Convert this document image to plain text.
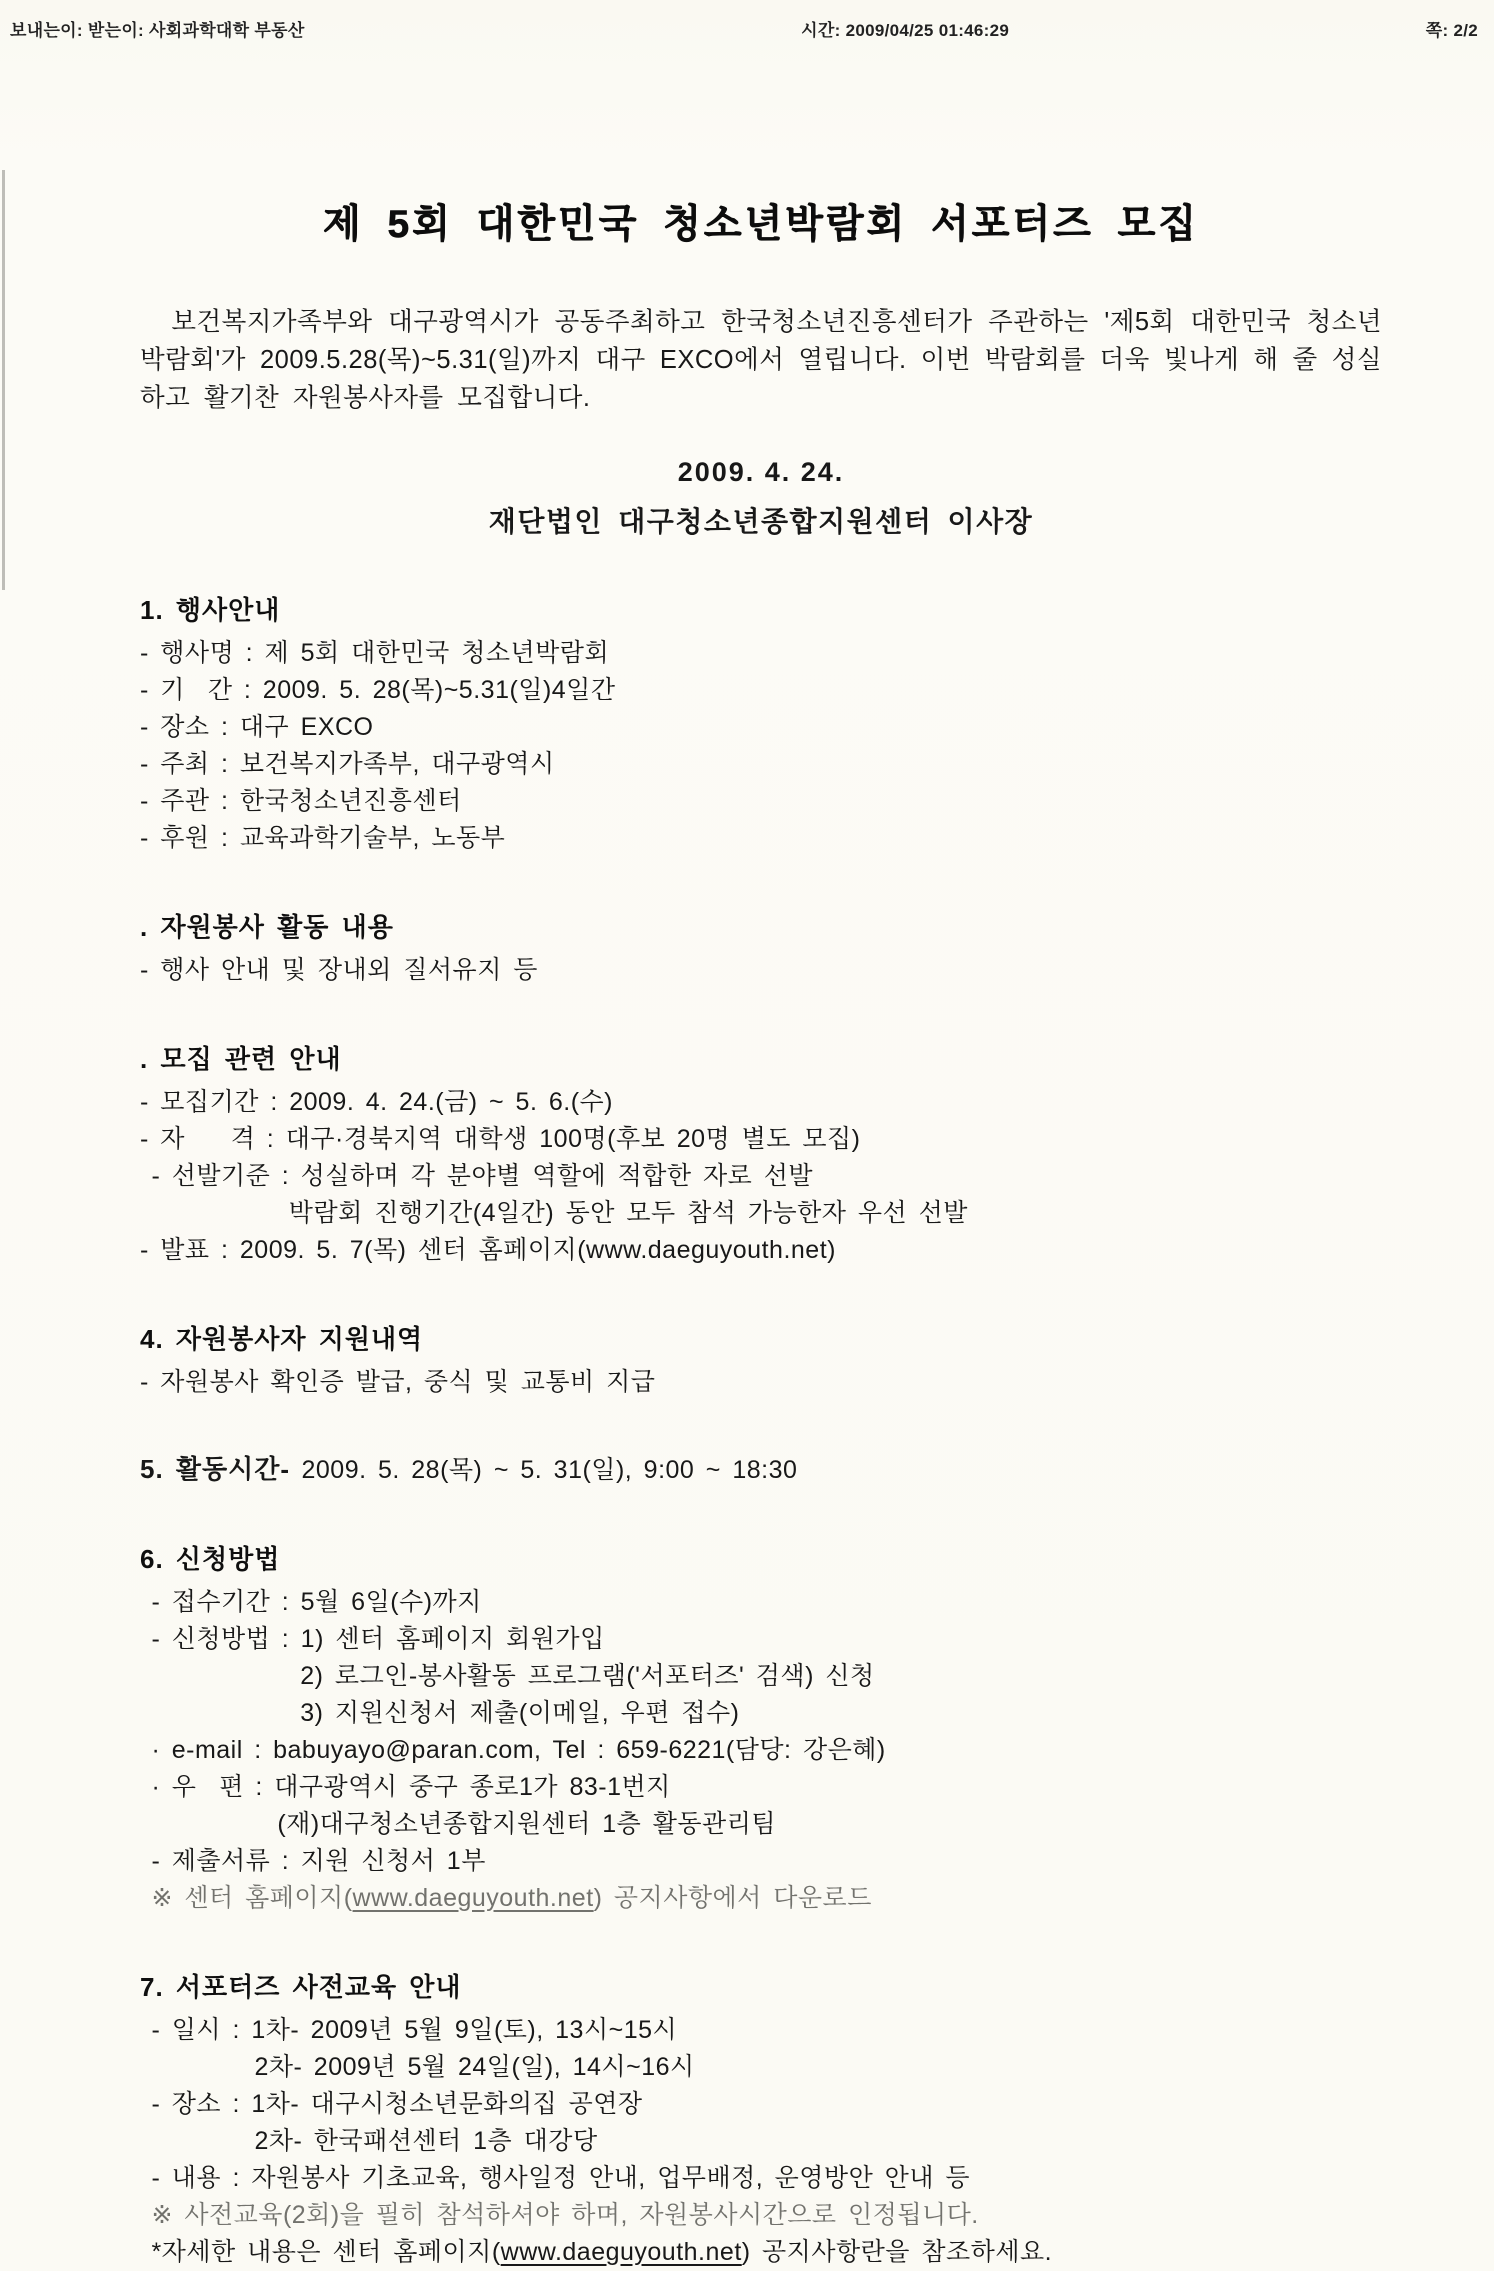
보내는이: 받는이: 사회과학대학 부동산	시간: 2009/04/25 01:46:29	쪽: 2/2
제 5회 대한민국 청소년박람회 서포터즈 모집

보건복지가족부와 대구광역시가 공동주최하고 한국청소년진흥센터가 주관하는 '제5회 대한민국 청소년박람회'가 2009.5.28(목)~5.31(일)까지 대구 EXCO에서 열립니다. 이번 박람회를 더욱 빛나게 해 줄 성실하고 활기찬 자원봉사자를 모집합니다.

2009. 4. 24.
재단법인 대구청소년종합지원센터 이사장
1. 행사안내
- 행사명 : 제 5회 대한민국 청소년박람회
- 기  간 : 2009. 5. 28(목)~5.31(일)4일간
- 장소 : 대구 EXCO
- 주최 : 보건복지가족부, 대구광역시
- 주관 : 한국청소년진흥센터
- 후원 : 교육과학기술부, 노동부
. 자원봉사 활동 내용
- 행사 안내 및 장내외 질서유지 등
. 모집 관련 안내
- 모집기간 : 2009. 4. 24.(금) ~ 5. 6.(수)
- 자    격 : 대구·경북지역 대학생 100명(후보 20명 별도 모집)
- 선발기준 : 성실하며 각 분야별 역할에 적합한 자로 선발
박람회 진행기간(4일간) 동안 모두 참석 가능한자 우선 선발
- 발표 : 2009. 5. 7(목) 센터 홈페이지(www.daeguyouth.net)
4. 자원봉사자 지원내역
- 자원봉사 확인증 발급, 중식 및 교통비 지급
5. 활동시간- 2009. 5. 28(목) ~ 5. 31(일), 9:00 ~ 18:30
6. 신청방법
- 접수기간 : 5월 6일(수)까지
- 신청방법 : 1) 센터 홈페이지 회원가입
2) 로그인-봉사활동 프로그램('서포터즈' 검색) 신청
3) 지원신청서 제출(이메일, 우편 접수)
· e-mail : babuyayo@paran.com, Tel : 659-6221(담당: 강은혜)
· 우  편 : 대구광역시 중구 종로1가 83-1번지
(재)대구청소년종합지원센터 1층 활동관리팀
- 제출서류 : 지원 신청서 1부
※ 센터 홈페이지(www.daeguyouth.net) 공지사항에서 다운로드
7. 서포터즈 사전교육 안내
- 일시 : 1차- 2009년 5월 9일(토), 13시~15시
2차- 2009년 5월 24일(일), 14시~16시
- 장소 : 1차- 대구시청소년문화의집 공연장
2차- 한국패션센터 1층 대강당
- 내용 : 자원봉사 기초교육, 행사일정 안내, 업무배정, 운영방안 안내 등
※ 사전교육(2회)을 필히 참석하셔야 하며, 자원봉사시간으로 인정됩니다.
*자세한 내용은 센터 홈페이지(www.daeguyouth.net) 공지사항란을 참조하세요.
